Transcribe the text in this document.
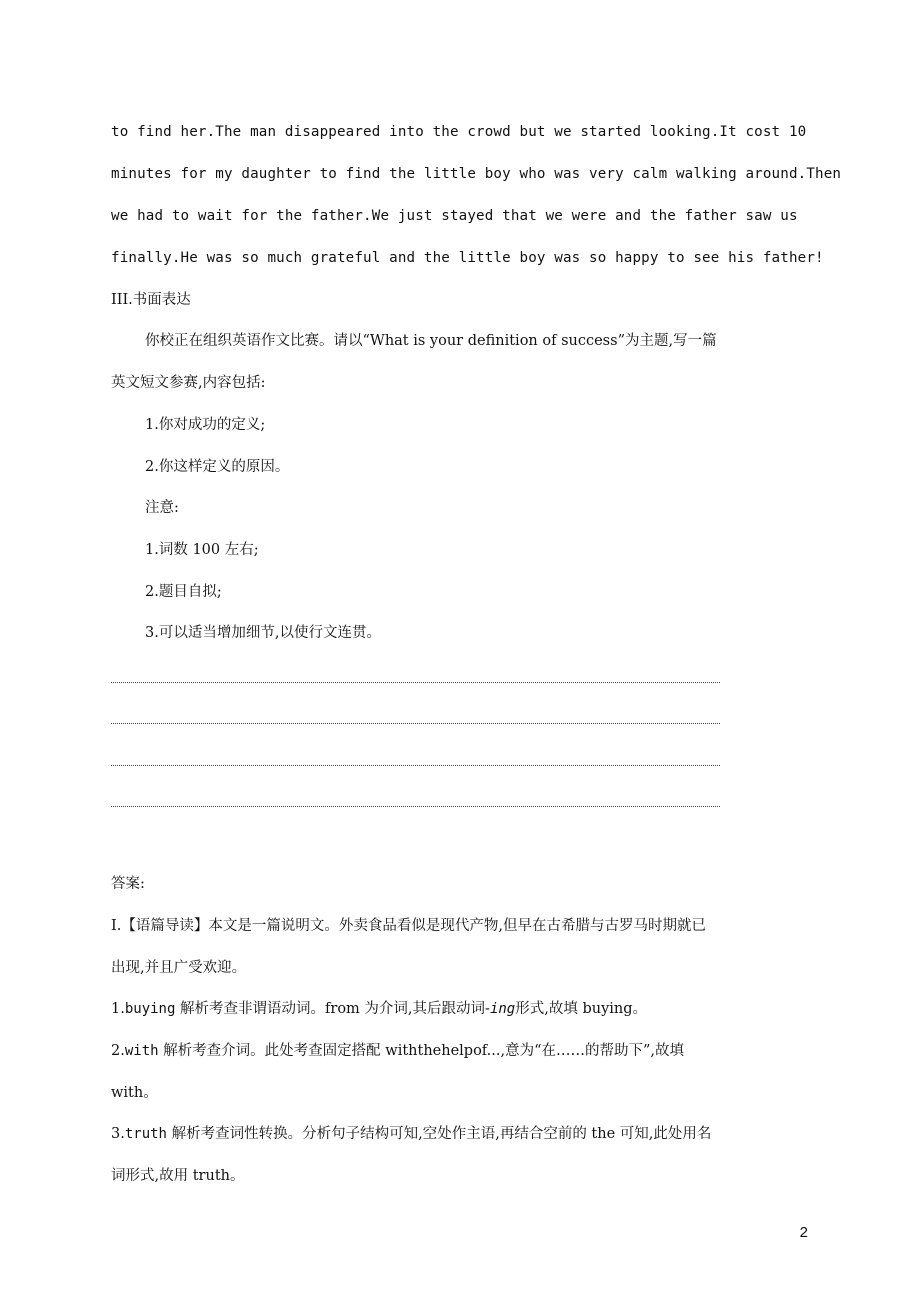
to find her.The man disappeared into the crowd but we started looking.It cost 10
minutes for my daughter to find the little boy who was very calm walking around.Then
we had to wait for the father.We just stayed that we were and the father saw us
finally.He was so much grateful and the little boy was so happy to see his father!
III.书面表达
你校正在组织英语作文比赛。请以“What is your definition of success”为主题,写一篇
英文短文参赛,内容包括:
1.你对成功的定义;
2.你这样定义的原因。
注意:
1.词数 100 左右;
2.题目自拟;
3.可以适当增加细节,以使行文连贯。
答案:
Ⅰ.【语篇导读】本文是一篇说明文。外卖食品看似是现代产物,但早在古希腊与古罗马时期就已
出现,并且广受欢迎。
1.buying 解析考查非谓语动词。from 为介词,其后跟动词-ing形式,故填 buying。
2.with 解析考查介词。此处考查固定搭配 withthehelpof...,意为“在……的帮助下”,故填
with。
3.truth 解析考查词性转换。分析句子结构可知,空处作主语,再结合空前的 the 可知,此处用名
词形式,故用 truth。
2
